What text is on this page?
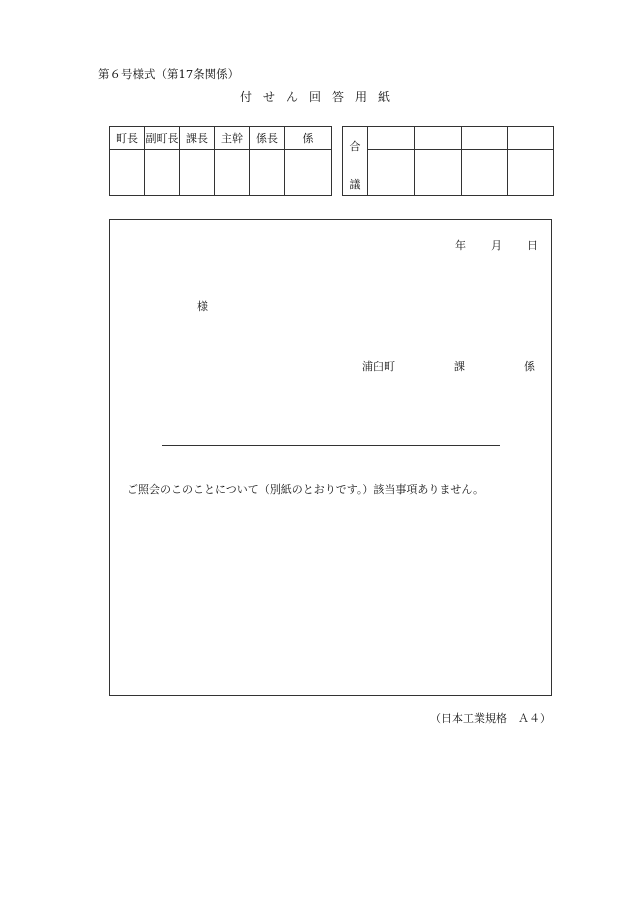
第６号様式（第17条関係）
付せん回答用紙
町長	副町長	課長	主幹	係長	係

合
議				

年 月 日
様
浦臼町	課	係
ご照会のこのことについて（別紙のとおりです。）該当事項ありません。
（日本工業規格　Ａ４）
